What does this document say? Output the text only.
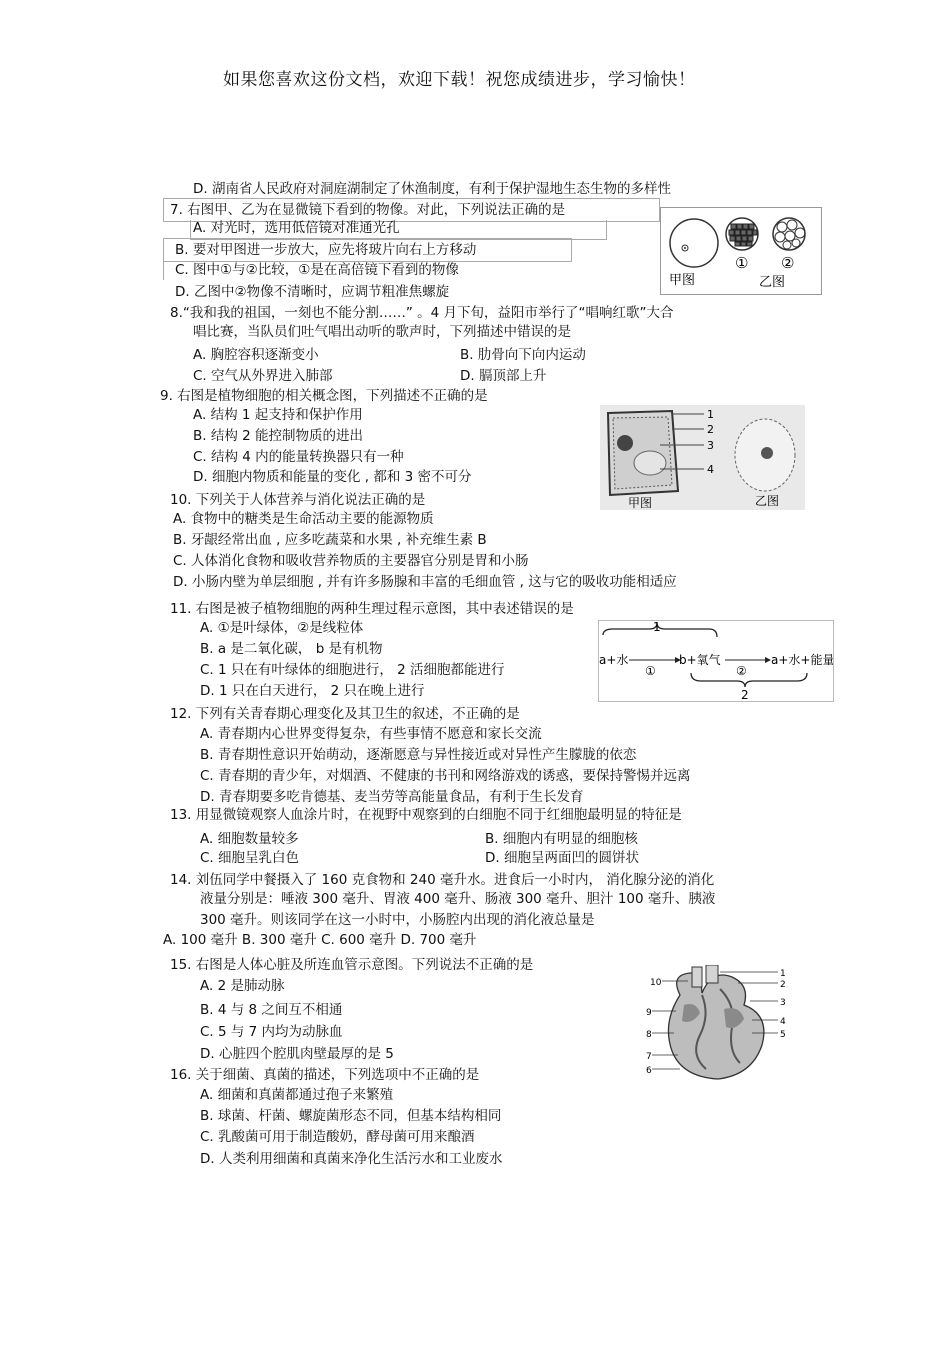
如果您喜欢这份文档，欢迎下载！祝您成绩进步，学习愉快！
D. 湖南省人民政府对洞庭湖制定了休渔制度，有利于保护湿地生态生物的多样性
7. 右图甲、乙为在显微镜下看到的物像。对此，下列说法正确的是
A. 对光时，选用低倍镜对准通光孔
B. 要对甲图进一步放大，应先将玻片向右上方移动
C. 图中①与②比较，①是在高倍镜下看到的物像
D. 乙图中②物像不清晰时，应调节粗准焦螺旋
甲图
① ②
乙图
8.“我和我的祖国，一刻也不能分割……” 。4 月下旬，益阳市举行了“唱响红歌”大合
唱比赛，当队员们吐气唱出动听的歌声时，下列描述中错误的是
A. 胸腔容积逐渐变小	B. 肋骨向下向内运动
C. 空气从外界进入肺部	D. 膈顶部上升
9. 右图是植物细胞的相关概念图，下列描述不正确的是
A. 结构 1 起支持和保护作用
B. 结构 2 能控制物质的进出
C. 结构 4 内的能量转换器只有一种
D. 细胞内物质和能量的变化 , 都和 3 密不可分
1
2
3
4
甲图	乙图
10. 下列关于人体营养与消化说法正确的是
A. 食物中的糖类是生命活动主要的能源物质
B. 牙龈经常出血 , 应多吃蔬菜和水果 , 补充维生素 B
C. 人体消化食物和吸收营养物质的主要器官分别是胃和小肠
D. 小肠内壁为单层细胞 , 并有许多肠腺和丰富的毛细血管 , 这与它的吸收功能相适应
11. 右图是被子植物细胞的两种生理过程示意图，其中表述错误的是
A. ①是叶绿体，②是线粒体
B. a 是二氧化碳， b 是有机物
C. 1 只在有叶绿体的细胞进行， 2 活细胞都能进行
D. 1 只在白天进行， 2 只在晚上进行
1
a+水
①
b+氧气
②
a+水+能量
2
12. 下列有关青春期心理变化及其卫生的叙述，不正确的是
A. 青春期内心世界变得复杂，有些事情不愿意和家长交流
B. 青春期性意识开始萌动，逐渐愿意与异性接近或对异性产生朦胧的依恋
C. 青春期的青少年，对烟酒、不健康的书刊和网络游戏的诱惑，要保持警惕并远离
D. 青春期要多吃肯德基、麦当劳等高能量食品，有利于生长发育
13. 用显微镜观察人血涂片时，在视野中观察到的白细胞不同于红细胞最明显的特征是
A. 细胞数量较多	B. 细胞内有明显的细胞核
C. 细胞呈乳白色	D. 细胞呈两面凹的圆饼状
14. 刘伍同学中餐摄入了 160 克食物和 240 毫升水。进食后一小时内， 消化腺分泌的消化
液量分别是：唾液 300 毫升、胃液 400 毫升、肠液 300 毫升、胆汁 100 毫升、胰液
300 毫升。则该同学在这一小时中，小肠腔内出现的消化液总量是
A. 100 毫升 B. 300 毫升 C. 600 毫升 D. 700 毫升
15. 右图是人体心脏及所连血管示意图。下列说法不正确的是
A. 2 是肺动脉
B. 4 与 8 之间互不相通
C. 5 与 7 内均为动脉血
D. 心脏四个腔肌肉壁最厚的是 5
1
2
3
4
5
6
7
8
9
10
16. 关于细菌、真菌的描述，下列选项中不正确的是
A. 细菌和真菌都通过孢子来繁殖
B. 球菌、杆菌、螺旋菌形态不同，但基本结构相同
C. 乳酸菌可用于制造酸奶，酵母菌可用来酿酒
D. 人类利用细菌和真菌来净化生活污水和工业废水
